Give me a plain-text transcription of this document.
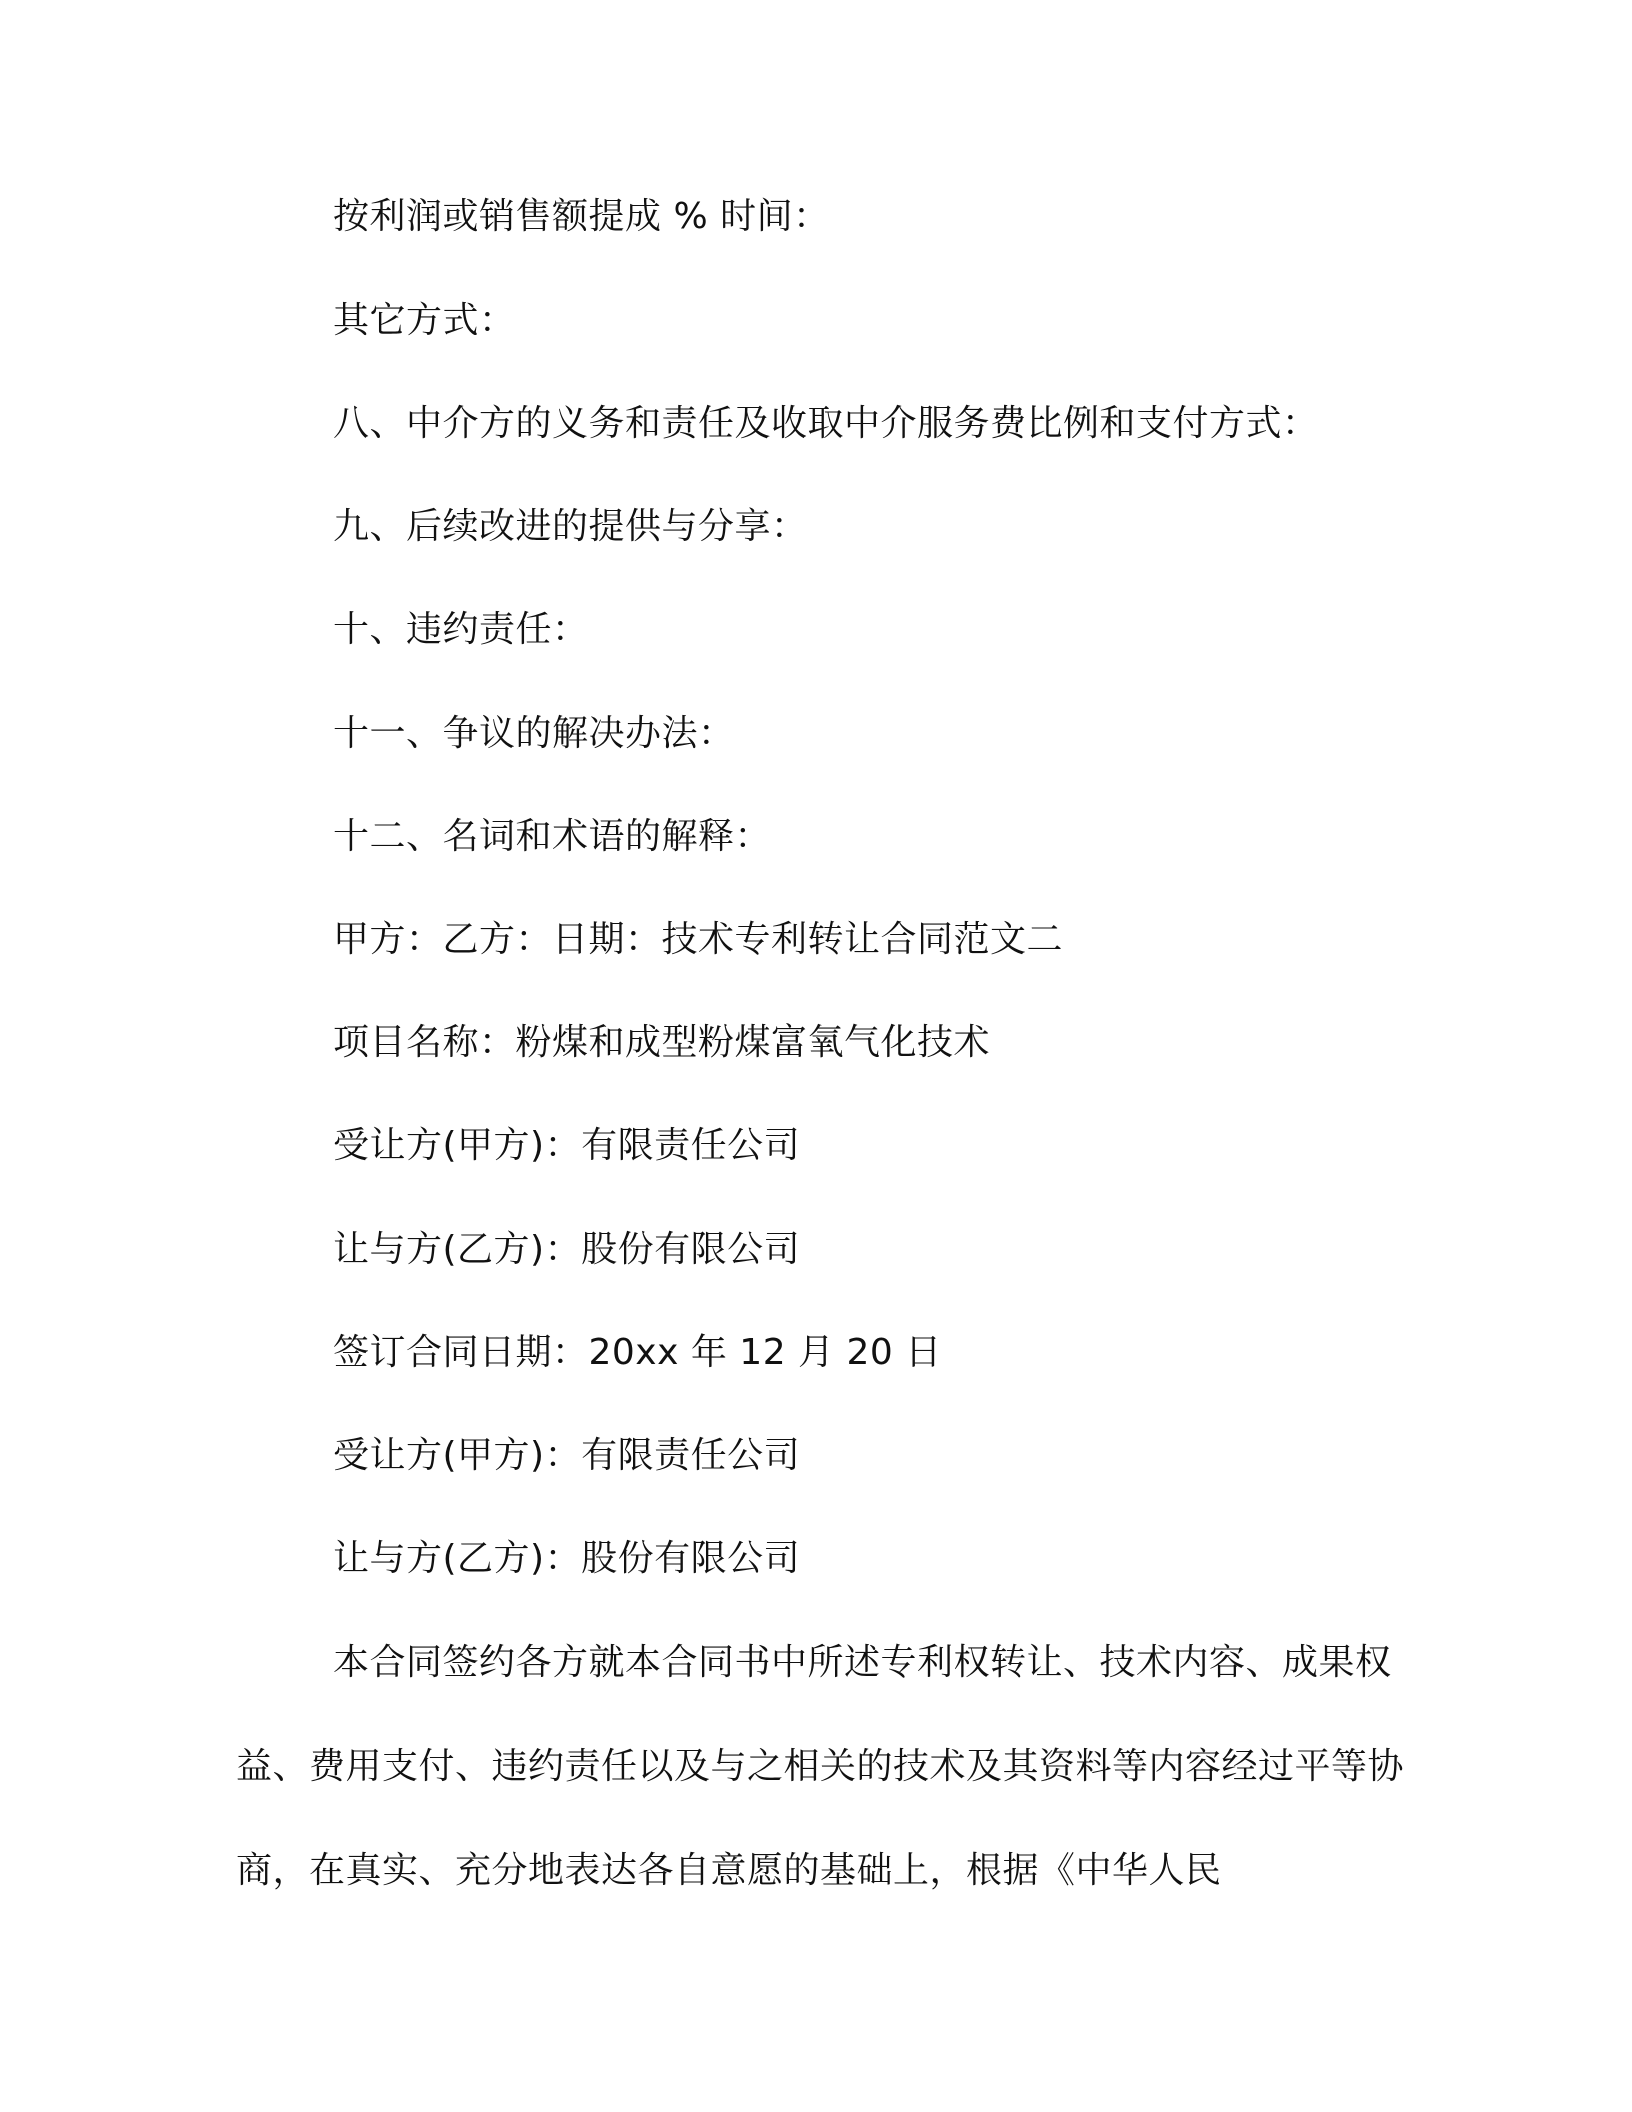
按利润或销售额提成 % 时间：
其它方式：
八、中介方的义务和责任及收取中介服务费比例和支付方式：
九、后续改进的提供与分享：
十、违约责任：
十一、争议的解决办法：
十二、名词和术语的解释：
甲方：乙方：日期：技术专利转让合同范文二
项目名称：粉煤和成型粉煤富氧气化技术
受让方(甲方)：有限责任公司
让与方(乙方)：股份有限公司
签订合同日期：20xx 年 12 月 20 日
受让方(甲方)：有限责任公司
让与方(乙方)：股份有限公司
本合同签约各方就本合同书中所述专利权转让、技术内容、成果权益、费用支付、违约责任以及与之相关的技术及其资料等内容经过平等协商，在真实、充分地表达各自意愿的基础上，根据《中华人民
